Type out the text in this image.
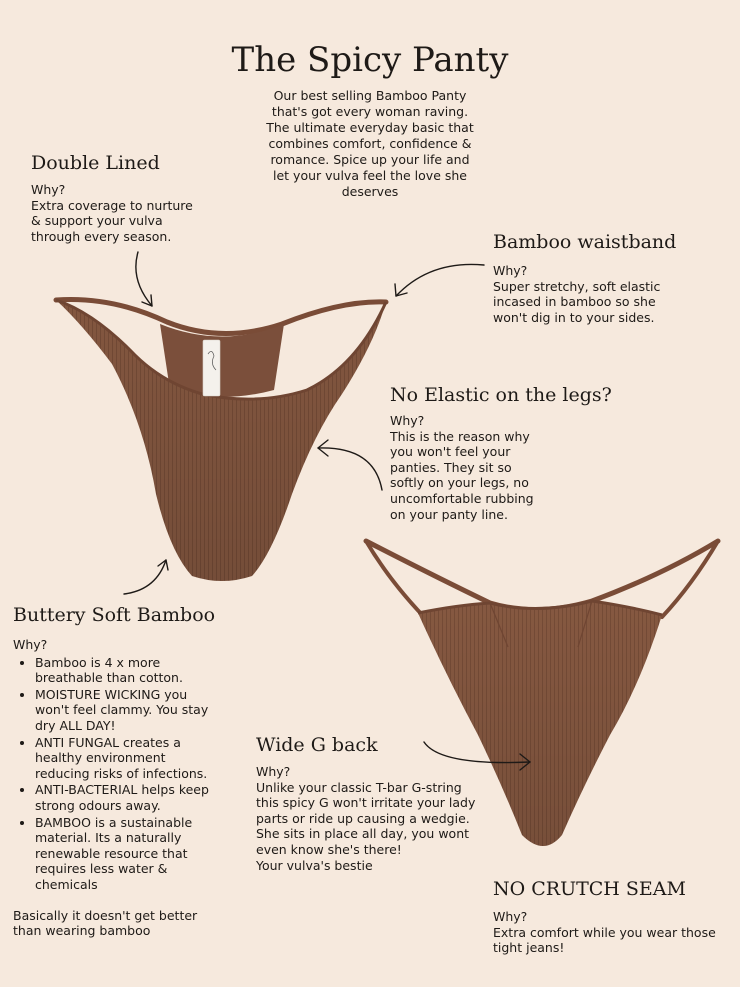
The Spicy Panty

Our best selling Bamboo Panty that's got every woman raving. The ultimate everyday basic that combines comfort, confidence & romance. Spice up your life and let your vulva feel the love she deserves

Double Lined

Why?

Extra coverage to nurture & support your vulva through every season.	Bamboo waistband

Why?

Super stretchy, soft elastic incased in bamboo so she won't dig in to your sides.

No Elastic on the legs?

Why?

This is the reason why you won't feel your panties. They sit so softly on your legs, no uncomfortable rubbing on your panty line.

Buttery Soft Bamboo

Why?

• Bamboo is 4 x more breathable than cotton.
• MOISTURE WICKING you won't feel clammy. You stay dry ALL DAY!
• ANTI FUNGAL creates a healthy environment reducing risks of infections.
• ANTI-BACTERIAL helps keep strong odours away.
• BAMBOO is a sustainable material. Its a naturally renewable resource that requires less water & chemicals

Basically it doesn't get better than wearing bamboo

Wide G back

Why?

Unlike your classic T-bar G-string this spicy G won't irritate your lady parts or ride up causing a wedgie. She sits in place all day, you wont even know she's there!

Your vulva's bestie

NO CRUTCH SEAM

Why?

Extra comfort while you wear those tight jeans!
